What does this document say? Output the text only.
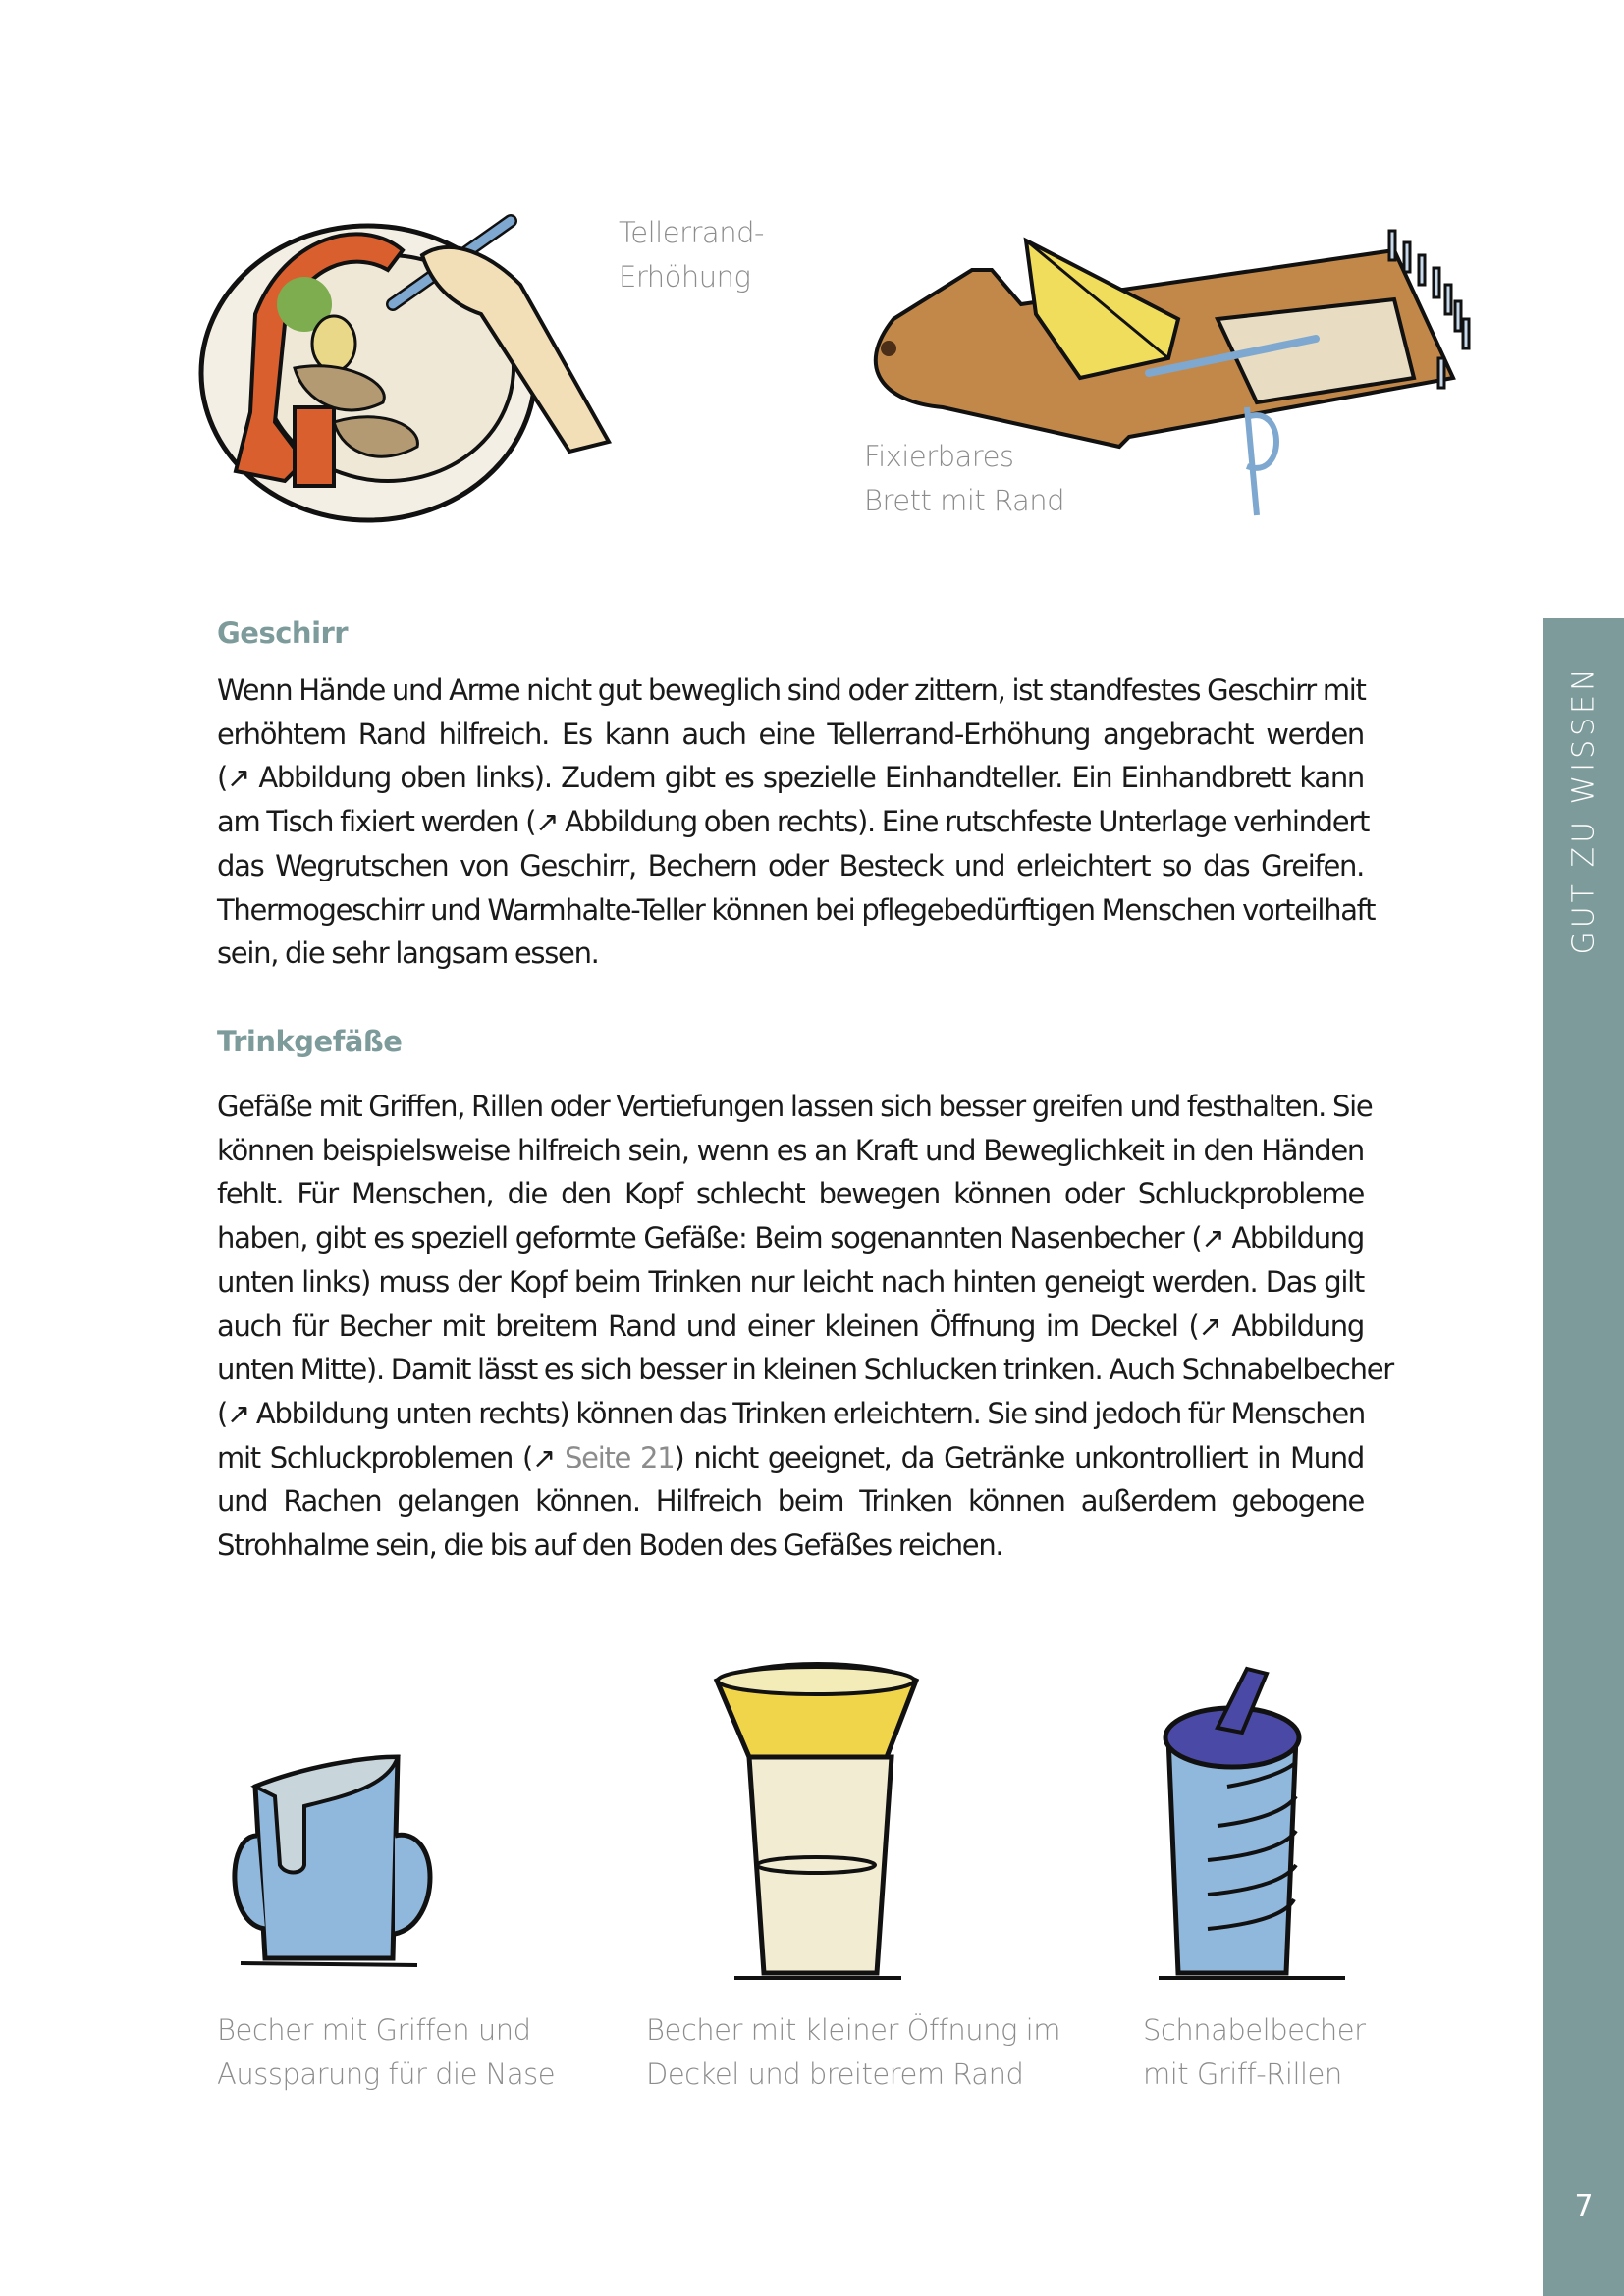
Tellerrand-
Erhöhung
Fixierbares
Brett mit Rand
Geschirr
Wenn Hände und Arme nicht gut beweglich sind oder zittern, ist standfestes Geschirr mit
erhöhtem Rand hilfreich. Es kann auch eine Tellerrand-Erhöhung angebracht werden
(↗ Abbildung oben links). Zudem gibt es spezielle Einhandteller. Ein Einhandbrett kann
am Tisch fixiert werden (↗ Abbildung oben rechts). Eine rutschfeste Unterlage verhindert
das Wegrutschen von Geschirr, Bechern oder Besteck und erleichtert so das Greifen.
Thermogeschirr und Warmhalte-Teller können bei pflegebedürftigen Menschen vorteilhaft
sein, die sehr langsam essen.
Trinkgefäße
Gefäße mit Griffen, Rillen oder Vertiefungen lassen sich besser greifen und festhalten. Sie
können beispielsweise hilfreich sein, wenn es an Kraft und Beweglichkeit in den Händen
fehlt. Für Menschen, die den Kopf schlecht bewegen können oder Schluckprobleme
haben, gibt es speziell geformte Gefäße: Beim sogenannten Nasenbecher (↗ Abbildung
unten links) muss der Kopf beim Trinken nur leicht nach hinten geneigt werden. Das gilt
auch für Becher mit breitem Rand und einer kleinen Öffnung im Deckel (↗ Abbildung
unten Mitte). Damit lässt es sich besser in kleinen Schlucken trinken. Auch Schnabelbecher
(↗ Abbildung unten rechts) können das Trinken erleichtern. Sie sind jedoch für Menschen
mit Schluckproblemen (↗ Seite 21) nicht geeignet, da Getränke unkontrolliert in Mund
und Rachen gelangen können. Hilfreich beim Trinken können außerdem gebogene
Strohhalme sein, die bis auf den Boden des Gefäßes reichen.
Becher mit Griffen und
Aussparung für die Nase
Becher mit kleiner Öffnung im
Deckel und breiterem Rand
Schnabelbecher
mit Griff-Rillen
GUT ZU WISSEN
7
